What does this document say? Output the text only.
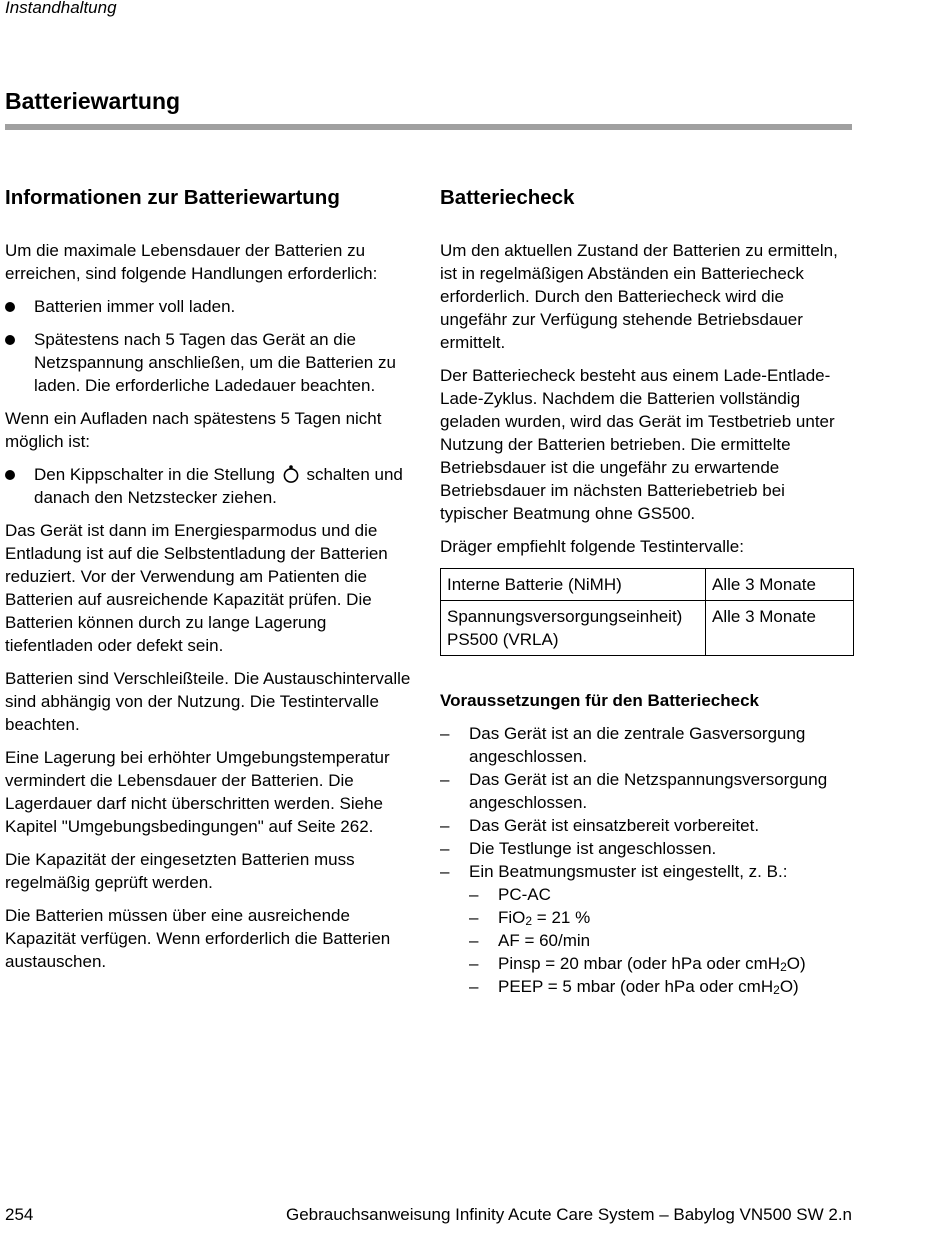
Instandhaltung
Batteriewartung
Informationen zur Batteriewartung

Um die maximale Lebensdauer der Batterien zu erreichen, sind folgende Handlungen erforderlich:

Batterien immer voll laden.
Spätestens nach 5 Tagen das Gerät an die Netzspannung anschließen, um die Batterien zu laden. Die erforderliche Ladedauer beachten.

Wenn ein Aufladen nach spätestens 5 Tagen nicht möglich ist:

Den Kippschalter in die Stellung schalten und danach den Netzstecker ziehen.

Das Gerät ist dann im Energiesparmodus und die Entladung ist auf die Selbstentladung der Batterien reduziert. Vor der Verwendung am Patienten die Batterien auf ausreichende Kapazität prüfen. Die Batterien können durch zu lange Lagerung tiefentladen oder defekt sein.

Batterien sind Verschleißteile. Die Austauschintervalle sind abhängig von der Nutzung. Die Testintervalle beachten.

Eine Lagerung bei erhöhter Umgebungstemperatur vermindert die Lebensdauer der Batterien. Die Lagerdauer darf nicht überschritten werden. Siehe Kapitel "Umgebungsbedingungen" auf Seite 262.

Die Kapazität der eingesetzten Batterien muss regelmäßig geprüft werden.

Die Batterien müssen über eine ausreichende Kapazität verfügen. Wenn erforderlich die Batterien austauschen.

Batteriecheck

Um den aktuellen Zustand der Batterien zu ermitteln, ist in regelmäßigen Abständen ein Batteriecheck erforderlich. Durch den Batteriecheck wird die ungefähr zur Verfügung stehende Betriebsdauer ermittelt.

Der Batteriecheck besteht aus einem Lade-Entlade-Lade-Zyklus. Nachdem die Batterien vollständig geladen wurden, wird das Gerät im Testbetrieb unter Nutzung der Batterien betrieben. Die ermittelte Betriebsdauer ist die ungefähr zu erwartende Betriebsdauer im nächsten Batteriebetrieb bei typischer Beatmung ohne GS500.

Dräger empfiehlt folgende Testintervalle:

Interne Batterie (NiMH)	Alle 3 Monate
Spannungsversorgungseinheit) PS500 (VRLA)	Alle 3 Monate
Voraussetzungen für den Batteriecheck
– Das Gerät ist an die zentrale Gasversorgung angeschlossen.
– Das Gerät ist an die Netzspannungsversorgung angeschlossen.
– Das Gerät ist einsatzbereit vorbereitet.
– Die Testlunge ist angeschlossen.
– Ein Beatmungsmuster ist eingestellt, z. B.:
– PC-AC
– FiO$_2$ = 21 %
– AF = 60/min
– Pinsp = 20 mbar (oder hPa oder cmH$_2$O)
– PEEP = 5 mbar (oder hPa oder cmH$_2$O)
254	Gebrauchsanweisung Infinity Acute Care System – Babylog VN500 SW 2.n
